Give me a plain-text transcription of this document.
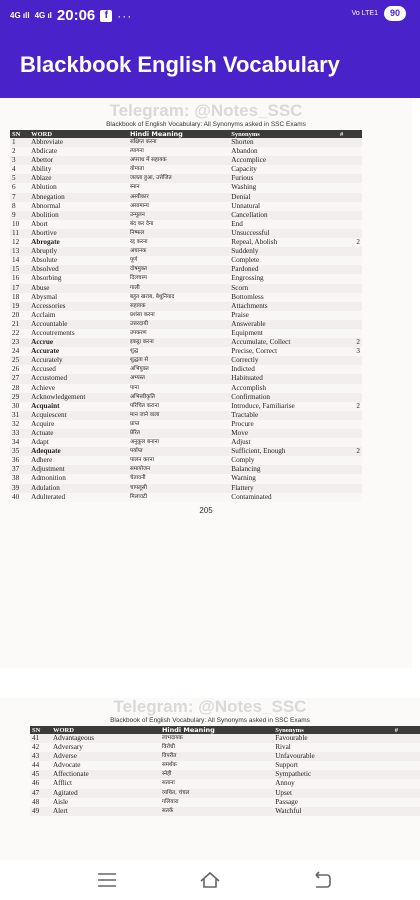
4G ıll 4G ıl 20:06 f ···	Vo LTE1	90
Blackbook English Vocabulary
Telegram: @Notes_SSC
Blackbook of English Vocabulary: All Synonyms asked in SSC Exams
SN	WORD	Hindi Meaning	Synonyms	#
1	Abbreviate	संक्षिप्त करना	Shorten	
2	Abdicate	त्यागना	Abandon	
3	Abettor	अपराध में सहायक	Accomplice	
4	Ability	योग्यता	Capacity	
5	Ablaze	जलता हुआ, उत्तेजित	Furious	
6	Ablution	स्नान	Washing	
7	Abnegation	अस्वीकार	Denial	
8	Abnormal	असामान्य	Unnatural	
9	Abolition	उन्मूलन	Cancellation	
10	Abort	बंद कर देना	End	
11	Abortive	निष्फल	Unsuccessful	
12	Abrogate	रद्द करना	Repeal, Abolish	2
13	Abruptly	अचानक	Suddenly	
14	Absolute	पूर्ण	Complete	
15	Absolved	दोषमुक्त	Pardoned	
16	Absorbing	दिलचस्प	Engrossing	
17	Abuse	गाली	Scorn	
18	Abysmal	बहुत खराब, बेथुनियाद	Bottomless	
19	Accessories	सहायक	Attachments	
20	Acclaim	प्रशंसा करना	Praise	
21	Accountable	उत्तरदायी	Answerable	
22	Accoutrements	उपकरण	Equipment	
23	Accrue	इकट्ठा करना	Accumulate, Collect	2
24	Accurate	शुद्ध	Precise, Correct	3
25	Accurately	शुद्धता से	Correctly	
26	Accused	अभियुक्त	Indicted	
27	Accustomed	अभ्यस्त	Habituated	
28	Achieve	पाना	Accomplish	
29	Acknowledgement	अभिस्वीकृति	Confirmation	
30	Acquaint	परिचित कराना	Introduce, Familiarise	2
31	Acquiescent	मान जाने वाला	Tractable	
32	Acquire	प्राप्त	Procure	
33	Actuate	प्रेरित	Move	
34	Adapt	अनुकूल बनाना	Adjust	
35	Adequate	पर्याप्त	Sufficient, Enough	2
36	Adhere	पालन करना	Comply	
37	Adjustment	समायोजन	Balancing	
38	Admonition	चेतावनी	Warning	
39	Adulation	चापलूसी	Flattery	
40	Adulterated	मिलावटी	Contaminated	
205
Telegram: @Notes_SSC
Blackbook of English Vocabulary: All Synonyms asked in SSC Exams
SN	WORD	Hindi Meaning	Synonyms	#
41	Advantageous	लाभदायक	Favourable	
42	Adversary	विरोधी	Rival	
43	Adverse	विपरीत	Unfavourable	
44	Advocate	समर्थक	Support	
45	Affectionate	स्नेही	Sympathetic	
46	Afflict	सताना	Annoy	
47	Agitated	व्यथित, चंचल	Upset	
48	Aisle	गलियारा	Passage	
49	Alert	सतर्क	Watchful	
